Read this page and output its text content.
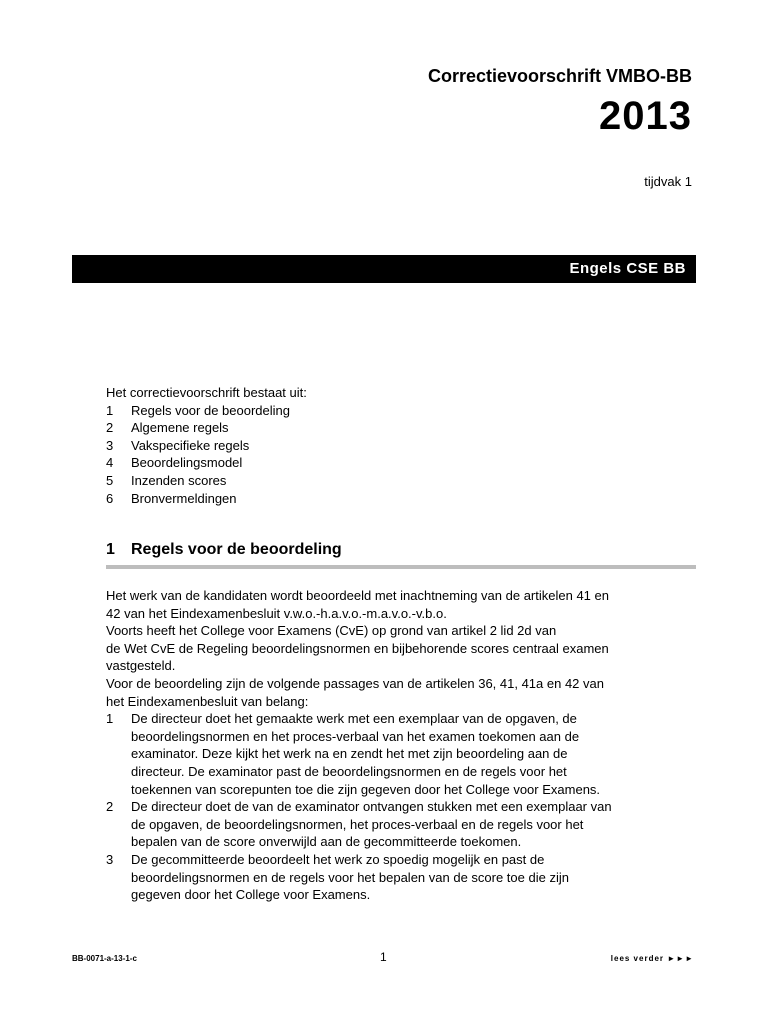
Correctievoorschrift VMBO-BB
2013
tijdvak 1
Engels CSE BB
Het correctievoorschrift bestaat uit:
1	Regels voor de beoordeling
2	Algemene regels
3	Vakspecifieke regels
4	Beoordelingsmodel
5	Inzenden scores
6	Bronvermeldingen
1	Regels voor de beoordeling

Het werk van de kandidaten wordt beoordeeld met inachtneming van de artikelen 41 en

42 van het Eindexamenbesluit v.w.o.-h.a.v.o.-m.a.v.o.-v.b.o.

Voorts heeft het College voor Examens (CvE) op grond van artikel 2 lid 2d van

de Wet CvE de Regeling beoordelingsnormen en bijbehorende scores centraal examen

vastgesteld.

Voor de beoordeling zijn de volgende passages van de artikelen 36, 41, 41a en 42 van

het Eindexamenbesluit van belang:

1	De directeur doet het gemaakte werk met een exemplaar van de opgaven, de
beoordelingsnormen en het proces-verbaal van het examen toekomen aan de
examinator. Deze kijkt het werk na en zendt het met zijn beoordeling aan de
directeur. De examinator past de beoordelingsnormen en de regels voor het
toekennen van scorepunten toe die zijn gegeven door het College voor Examens.
2	De directeur doet de van de examinator ontvangen stukken met een exemplaar van
de opgaven, de beoordelingsnormen, het proces-verbaal en de regels voor het
bepalen van de score onverwijld aan de gecommitteerde toekomen.
3	De gecommitteerde beoordeelt het werk zo spoedig mogelijk en past de
beoordelingsnormen en de regels voor het bepalen van de score toe die zijn
gegeven door het College voor Examens.
BB-0071-a-13-1-c	1	lees verder ►►►
